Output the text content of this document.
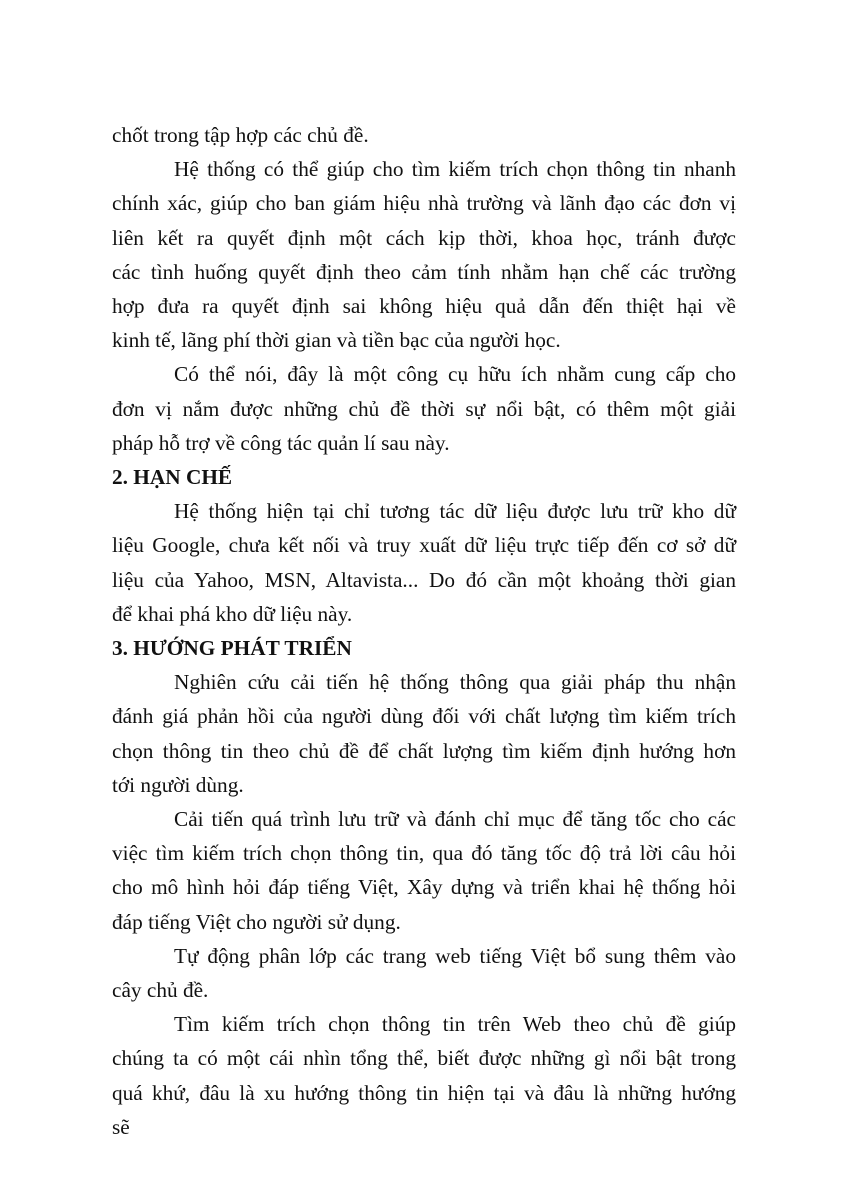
chốt trong tập hợp các chủ đề.
Hệ thống có thể giúp cho tìm kiếm trích chọn thông tin nhanh
chính xác, giúp cho ban giám hiệu nhà trường và lãnh đạo các đơn vị
liên kết ra quyết định một cách kịp thời, khoa học, tránh được
các tình huống quyết định theo cảm tính nhằm hạn chế các trường
hợp đưa ra quyết định sai không hiệu quả dẫn đến thiệt hại về
kinh tế, lãng phí thời gian và tiền bạc của người học.
Có thể nói, đây là một công cụ hữu ích nhằm cung cấp cho
đơn vị nắm được những chủ đề thời sự nổi bật, có thêm một giải
pháp hỗ trợ về công tác quản lí sau này.
2. HẠN CHẾ
Hệ thống hiện tại chỉ tương tác dữ liệu được lưu trữ kho dữ
liệu Google, chưa kết nối và truy xuất dữ liệu trực tiếp đến cơ sở dữ
liệu của Yahoo, MSN, Altavista... Do đó cần một khoảng thời gian
để khai phá kho dữ liệu này.
3. HƯỚNG PHÁT TRIỂN
Nghiên cứu cải tiến hệ thống thông qua giải pháp thu nhận
đánh giá phản hồi của người dùng đối với chất lượng tìm kiếm trích
chọn thông tin theo chủ đề để chất lượng tìm kiếm định hướng hơn
tới người dùng.
Cải tiến quá trình lưu trữ và đánh chỉ mục để tăng tốc cho các
việc tìm kiếm trích chọn thông tin, qua đó tăng tốc độ trả lời câu hỏi
cho mô hình hỏi đáp tiếng Việt, Xây dựng và triển khai hệ thống hỏi
đáp tiếng Việt cho người sử dụng.
Tự động phân lớp các trang web tiếng Việt bổ sung thêm vào
cây chủ đề.
Tìm kiếm trích chọn thông tin trên Web theo chủ đề giúp
chúng ta có một cái nhìn tổng thể, biết được những gì nổi bật trong
quá khứ, đâu là xu hướng thông tin hiện tại và đâu là những hướng
sẽ
